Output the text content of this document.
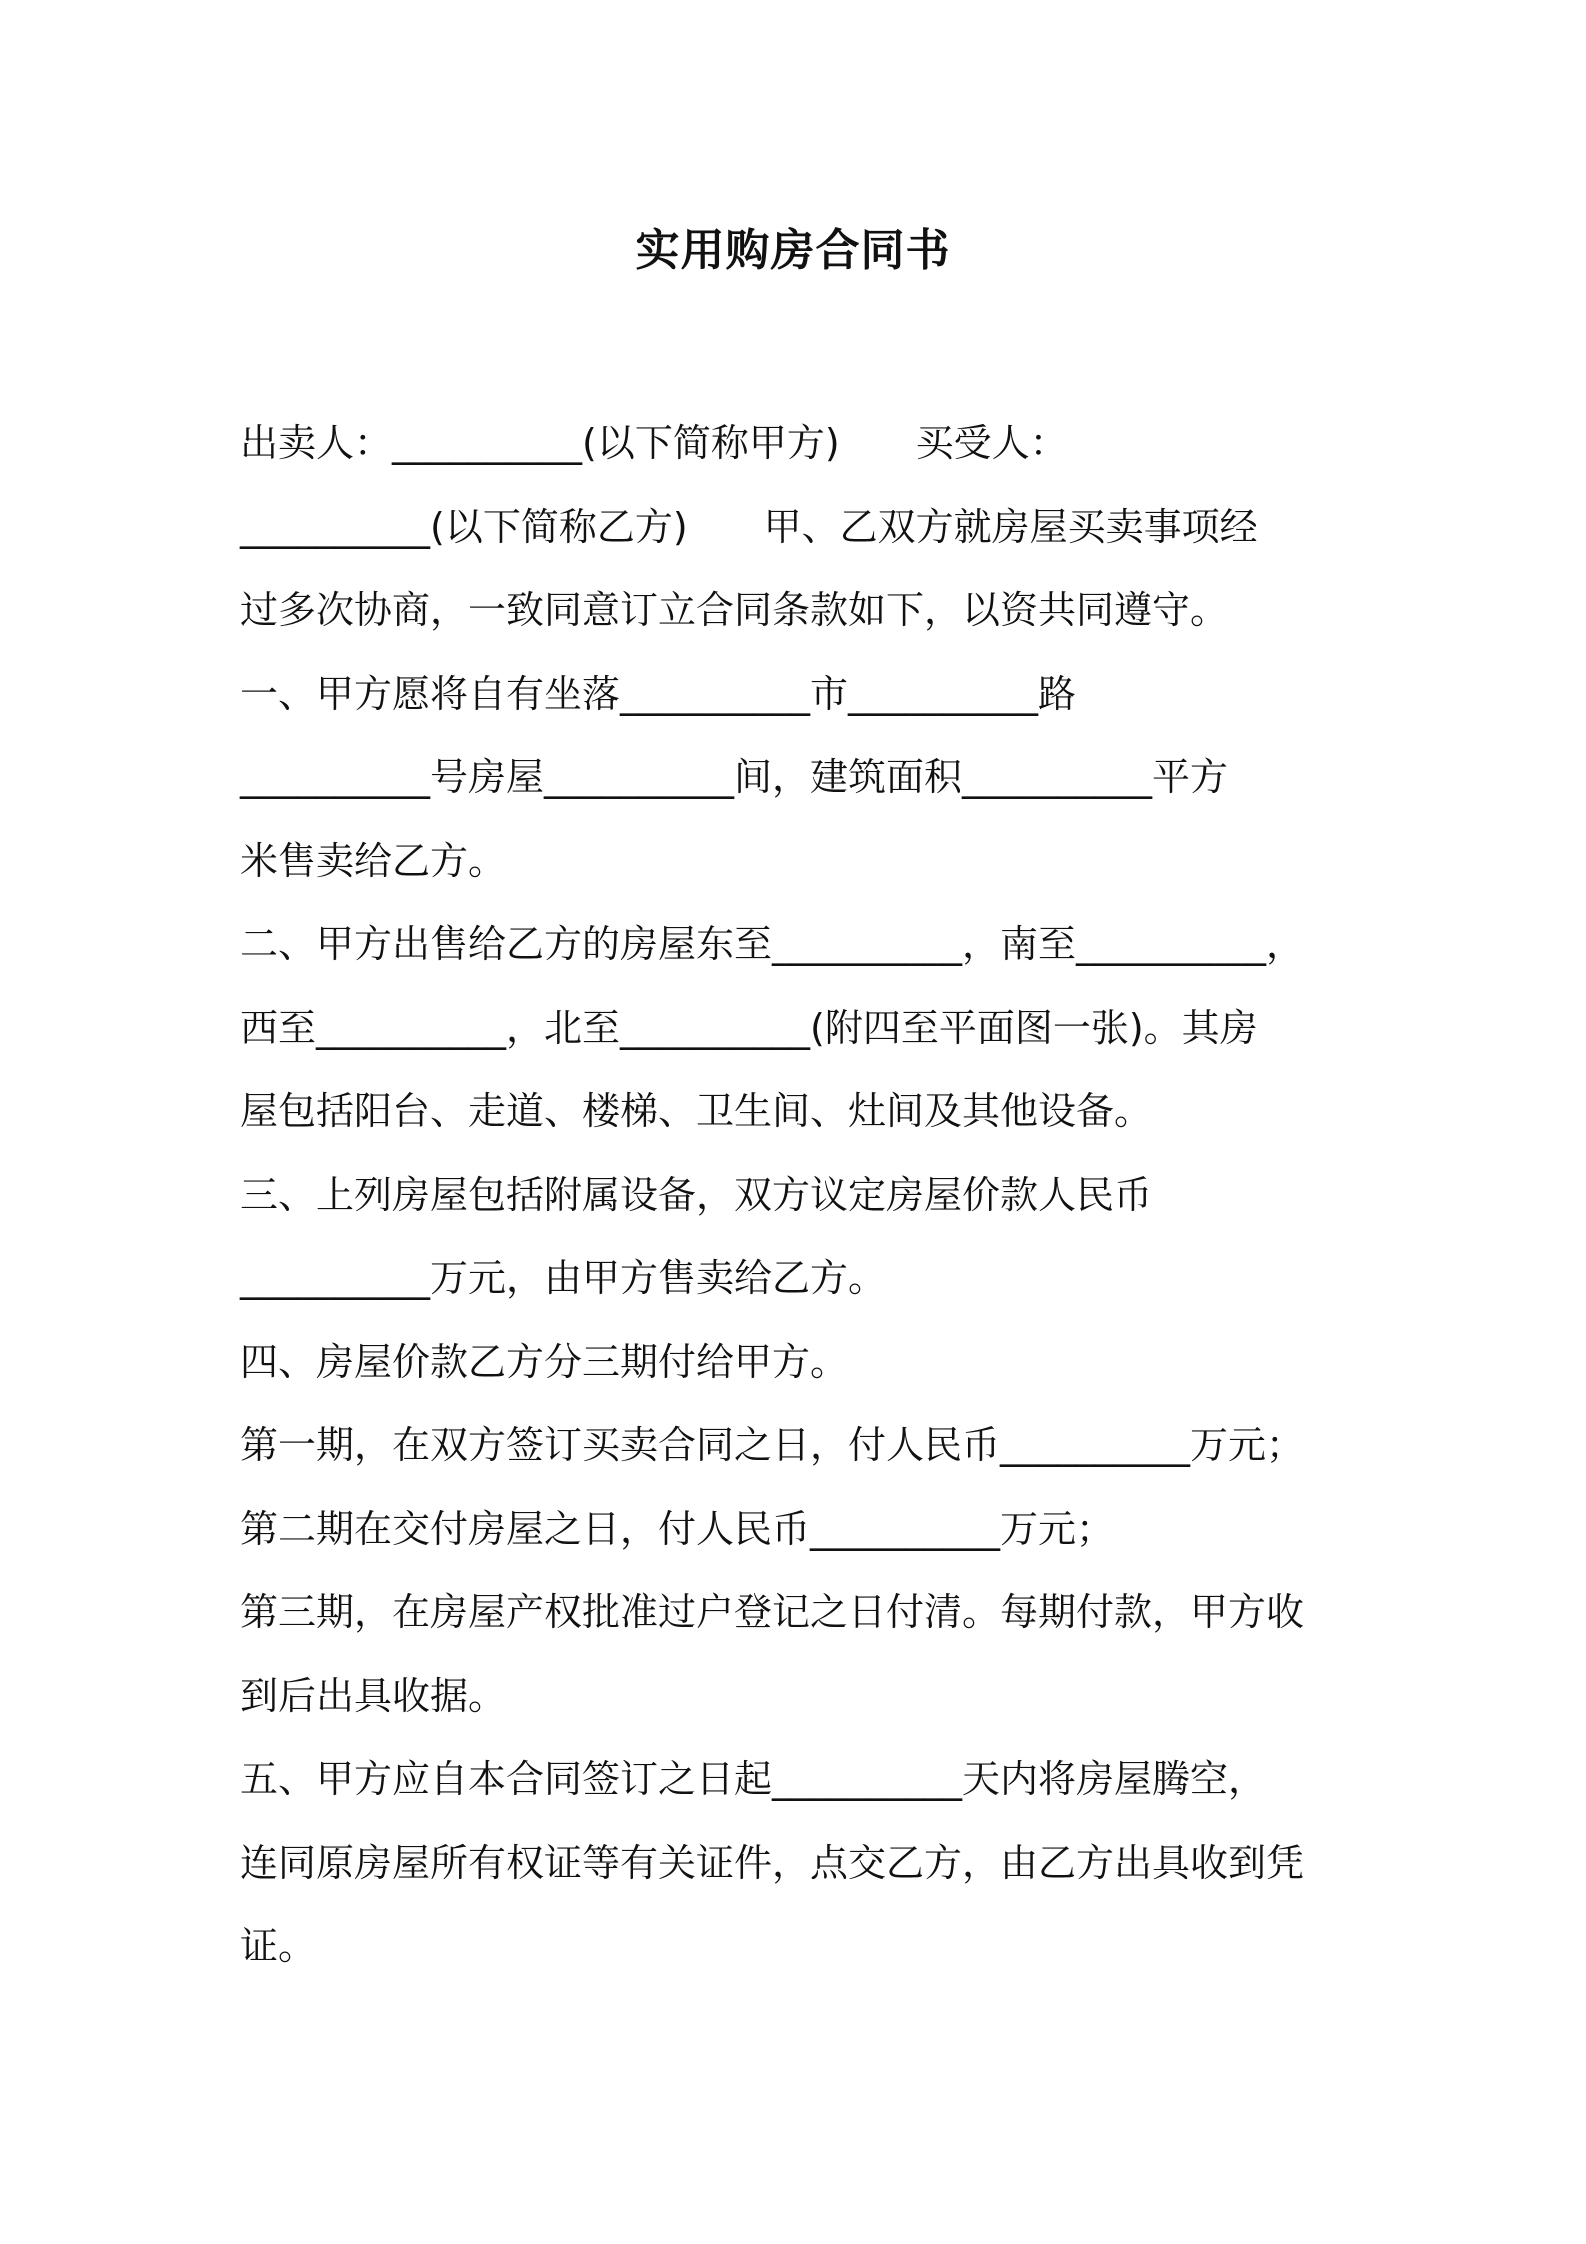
实用购房合同书
出卖人：__________(以下简称甲方)　　买受人：
__________(以下简称乙方)　　甲、乙双方就房屋买卖事项经
过多次协商，一致同意订立合同条款如下，以资共同遵守。
一、甲方愿将自有坐落__________市__________路
__________号房屋__________间，建筑面积__________平方
米售卖给乙方。
二、甲方出售给乙方的房屋东至__________，南至__________，
西至__________，北至__________(附四至平面图一张)。其房
屋包括阳台、走道、楼梯、卫生间、灶间及其他设备。
三、上列房屋包括附属设备，双方议定房屋价款人民币
__________万元，由甲方售卖给乙方。
四、房屋价款乙方分三期付给甲方。
第一期，在双方签订买卖合同之日，付人民币__________万元；
第二期在交付房屋之日，付人民币__________万元；
第三期，在房屋产权批准过户登记之日付清。每期付款，甲方收
到后出具收据。
五、甲方应自本合同签订之日起__________天内将房屋腾空，
连同原房屋所有权证等有关证件，点交乙方，由乙方出具收到凭
证。
